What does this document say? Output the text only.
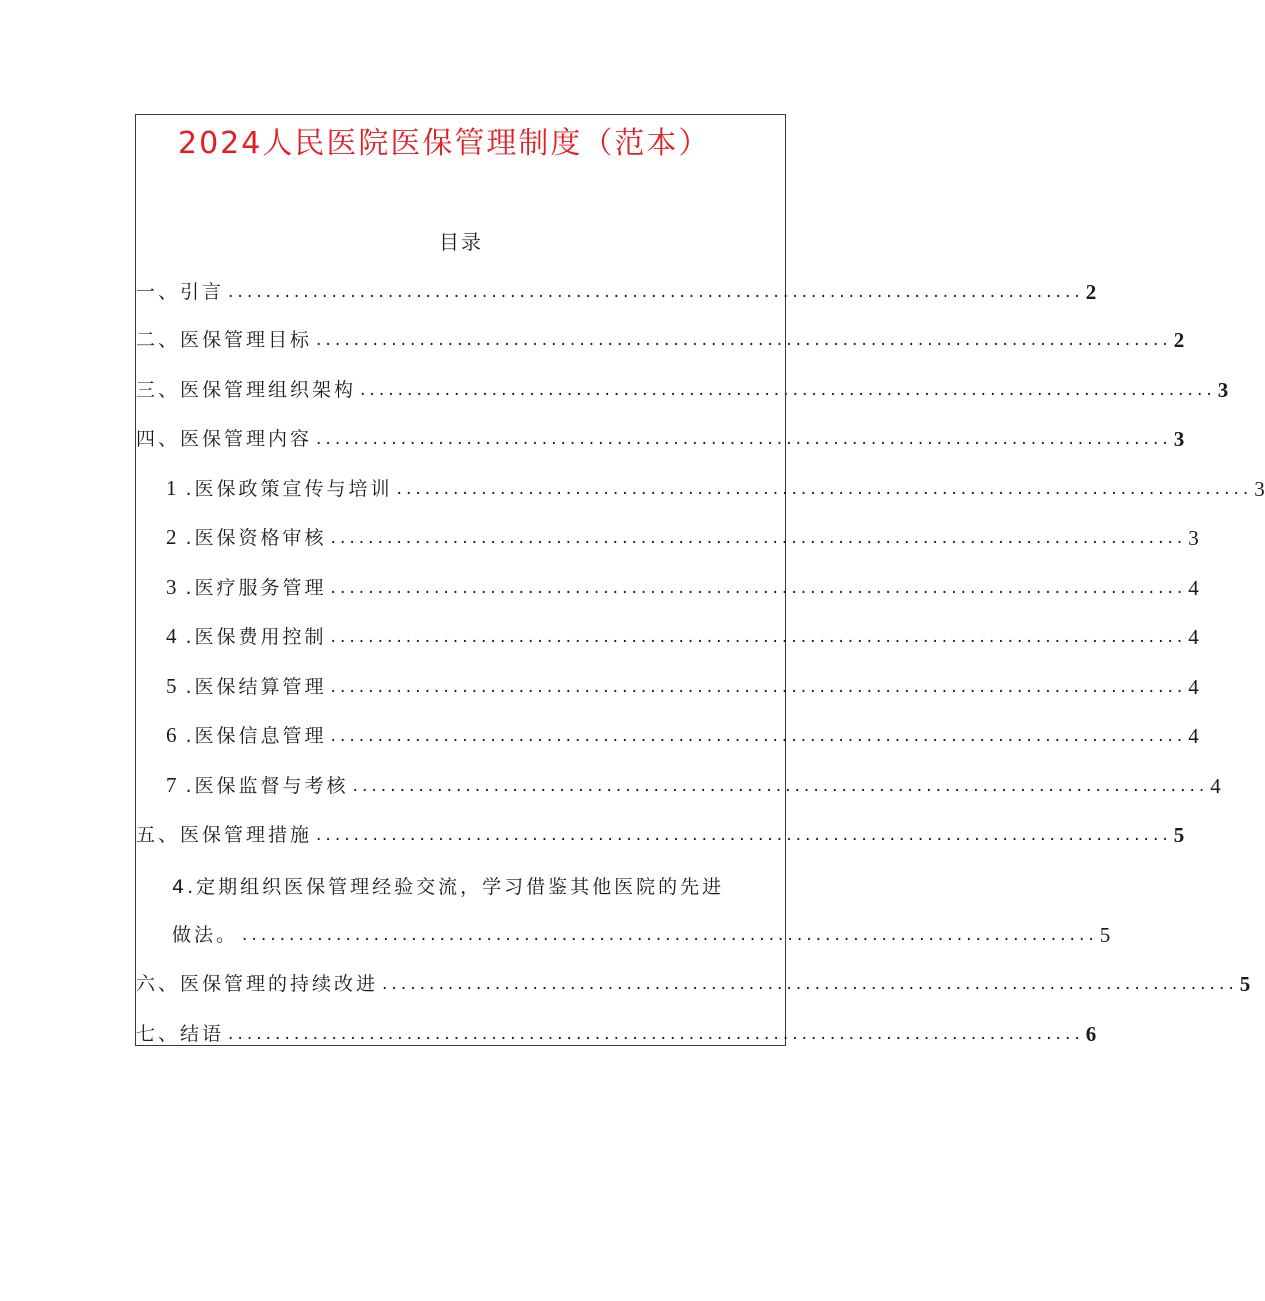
2024人民医院医保管理制度（范本）
目录
一、引言 ........................................................................................... 2
二、医保管理目标 ........................................................................................... 2
三、医保管理组织架构 ........................................................................................... 3
四、医保管理内容 ........................................................................................... 3
1 .医保政策宣传与培训 ........................................................................................... 3
2 .医保资格审核 ........................................................................................... 3
3 .医疗服务管理 ........................................................................................... 4
4 .医保费用控制 ........................................................................................... 4
5 .医保结算管理 ........................................................................................... 4
6 .医保信息管理 ........................................................................................... 4
7 .医保监督与考核 ........................................................................................... 4
五、医保管理措施 ........................................................................................... 5
4.定期组织医保管理经验交流，学习借鉴其他医院的先进
做法。 ........................................................................................... 5
六、医保管理的持续改进 ........................................................................................... 5
七、结语 ........................................................................................... 6
